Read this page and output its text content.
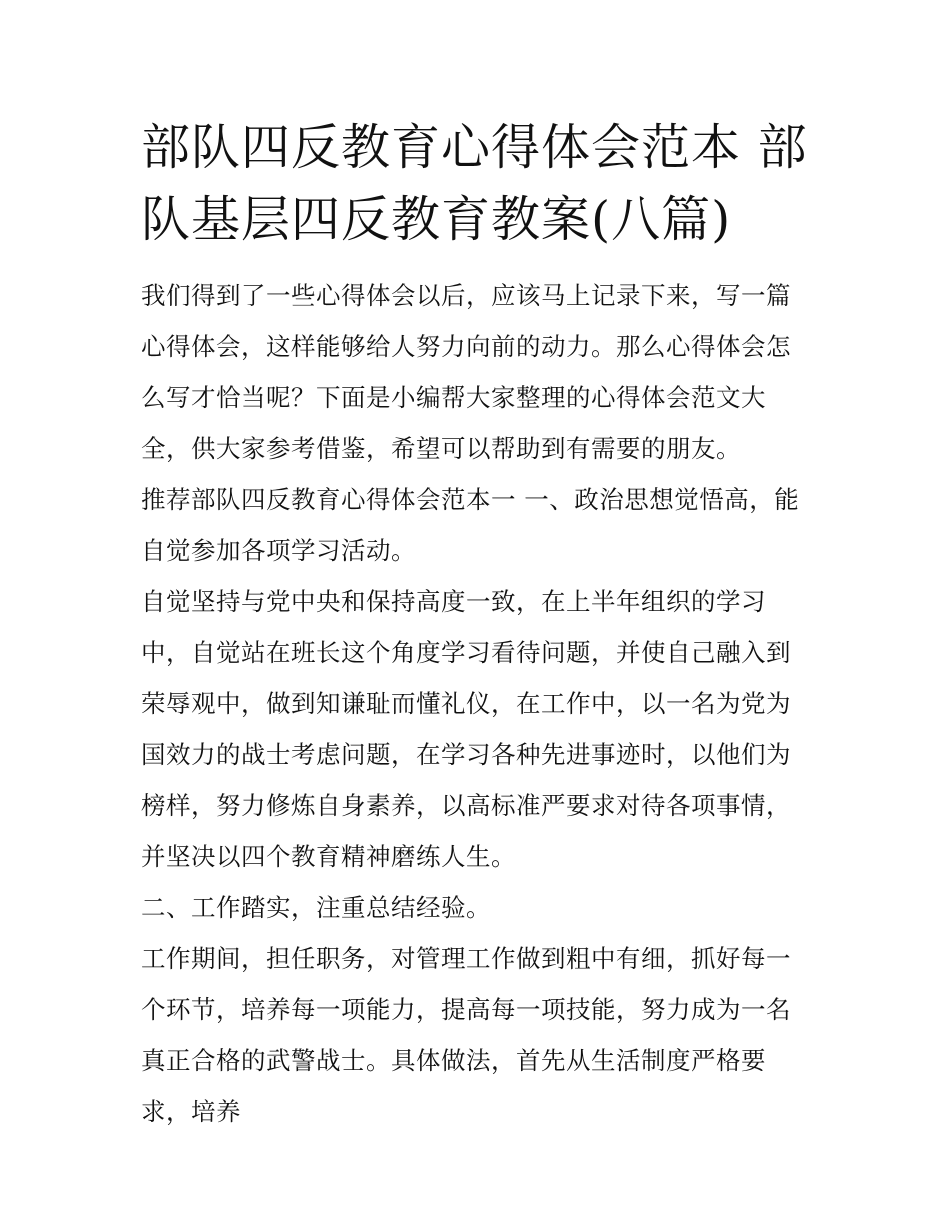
部队四反教育心得体会范本 部队基层四反教育教案(八篇)

我们得到了一些心得体会以后，应该马上记录下来，写一篇心得体会，这样能够给人努力向前的动力。那么心得体会怎么写才恰当呢？下面是小编帮大家整理的心得体会范文大全，供大家参考借鉴，希望可以帮助到有需要的朋友。

推荐部队四反教育心得体会范本一 一、政治思想觉悟高，能自觉参加各项学习活动。

自觉坚持与党中央和保持高度一致，在上半年组织的学习中，自觉站在班长这个角度学习看待问题，并使自己融入到荣辱观中，做到知谦耻而懂礼仪，在工作中，以一名为党为国效力的战士考虑问题，在学习各种先进事迹时，以他们为榜样，努力修炼自身素养，以高标准严要求对待各项事情，并坚决以四个教育精神磨练人生。

二、工作踏实，注重总结经验。

工作期间，担任职务，对管理工作做到粗中有细，抓好每一个环节，培养每一项能力，提高每一项技能，努力成为一名真正合格的武警战士。具体做法，首先从生活制度严格要求，培养
